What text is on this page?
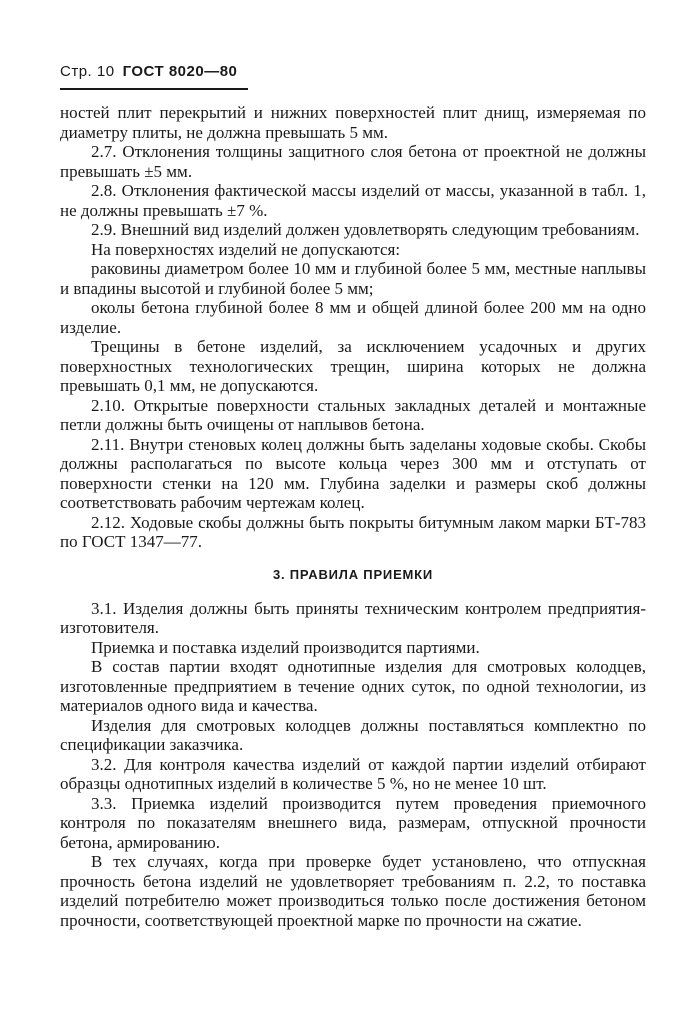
Стр. 10 ГОСТ 8020—80

ностей плит перекрытий и нижних поверхностей плит днищ, измеряемая по диаметру плиты, не должна превышать 5 мм.

2.7. Отклонения толщины защитного слоя бетона от проектной не должны превышать ±5 мм.

2.8. Отклонения фактической массы изделий от массы, указанной в табл. 1, не должны превышать ±7 %.

2.9. Внешний вид изделий должен удовлетворять следующим требованиям.

На поверхностях изделий не допускаются:

раковины диаметром более 10 мм и глубиной более 5 мм, местные наплывы и впадины высотой и глубиной более 5 мм;

околы бетона глубиной более 8 мм и общей длиной более 200 мм на одно изделие.

Трещины в бетоне изделий, за исключением усадочных и других поверхностных технологических трещин, ширина которых не должна превышать 0,1 мм, не допускаются.

2.10. Открытые поверхности стальных закладных деталей и монтажные петли должны быть очищены от наплывов бетона.

2.11. Внутри стеновых колец должны быть заделаны ходовые скобы. Скобы должны располагаться по высоте кольца через 300 мм и отступать от поверхности стенки на 120 мм. Глубина заделки и размеры скоб должны соответствовать рабочим чертежам колец.

2.12. Ходовые скобы должны быть покрыты битумным лаком марки БТ-783 по ГОСТ 1347—77.

3. ПРАВИЛА ПРИЕМКИ

3.1. Изделия должны быть приняты техническим контролем предприятия-изготовителя.

Приемка и поставка изделий производится партиями.

В состав партии входят однотипные изделия для смотровых колодцев, изготовленные предприятием в течение одних суток, по одной технологии, из материалов одного вида и качества.

Изделия для смотровых колодцев должны поставляться комплектно по спецификации заказчика.

3.2. Для контроля качества изделий от каждой партии изделий отбирают образцы однотипных изделий в количестве 5 %, но не менее 10 шт.

3.3. Приемка изделий производится путем проведения приемочного контроля по показателям внешнего вида, размерам, отпускной прочности бетона, армированию.

В тех случаях, когда при проверке будет установлено, что отпускная прочность бетона изделий не удовлетворяет требованиям п. 2.2, то поставка изделий потребителю может производиться только после достижения бетоном прочности, соответствующей проектной марке по прочности на сжатие.
